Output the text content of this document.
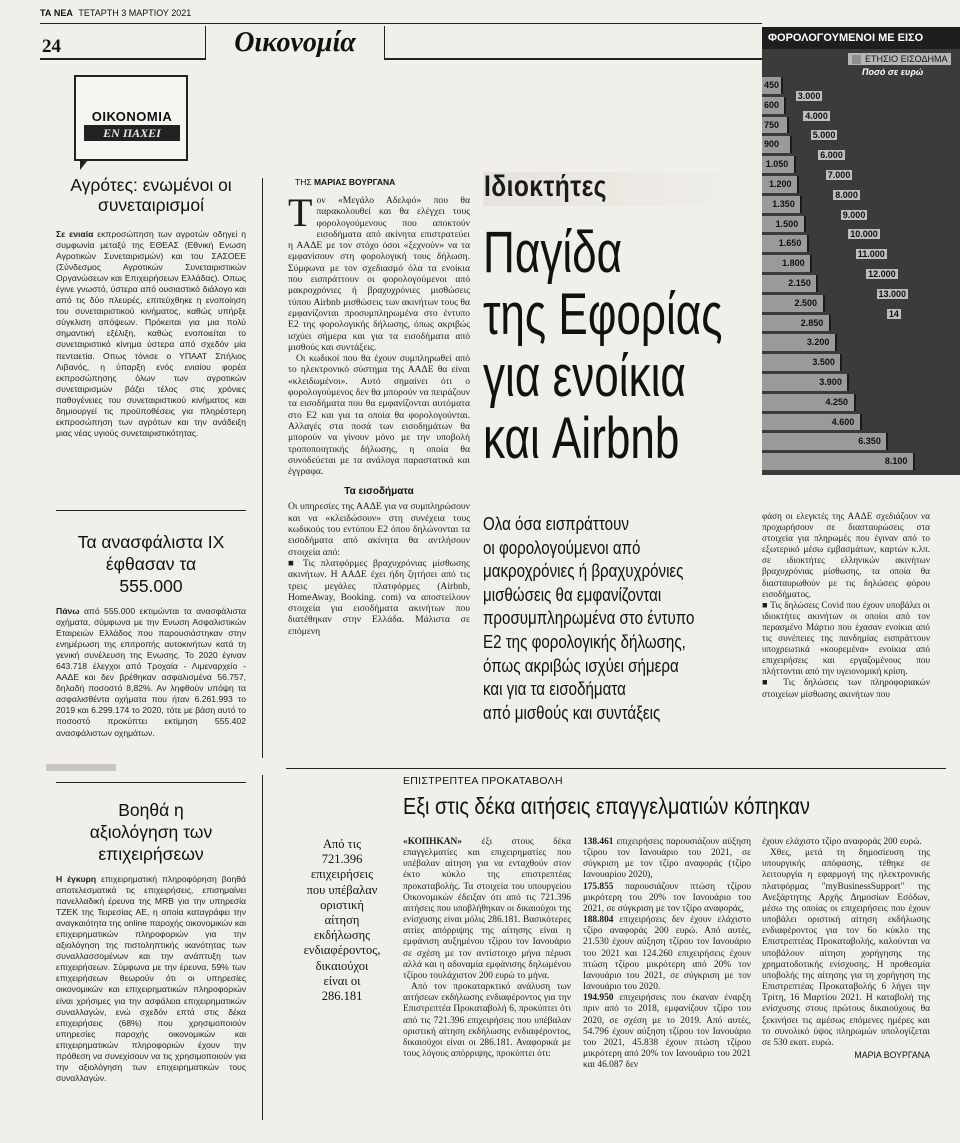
ΤΑ ΝΕΑ ΤΕΤΑΡΤΗ 3 ΜΑΡΤΙΟΥ 2021
24	Οικονομία
ΟΙΚΟΝΟΜΙΑ
ΕΝ ΠΑΧΕΙ
Αγρότες: ενωμένοι οι συνεταιρισμοί
Σε ενιαία εκπροσώπηση των αγροτών οδηγεί η συμφωνία μεταξύ της ΕΘΕΑΣ (Εθνική Ενωση Αγροτικών Συνεταιρισμών) και του ΣΑΣΟΕΕ (Σύνδεσμος Αγροτικών Συνεταιριστικών Οργανώσεων και Επιχειρήσεων Ελλάδας). Οπως έγινε γνωστό, ύστερα από ουσιαστικό διάλογο και από τις δύο πλευρές, επιτεύχθηκε η ενοποίηση του συνεταιριστικού κινήματος, καθώς υπήρξε σύγκλιση απόψεων. Πρόκειται για μια πολύ σημαντική εξέλιξη, καθώς ενοποιείται το συνεταιριστικό κίνημα ύστερα από σχεδόν μία πενταετία. Οπως τόνισε ο ΥΠΑΑΤ Σπήλιος Λιβανός, η ύπαρξη ενός ενιαίου φορέα εκπροσώπησης όλων των αγροτικών συνεταιρισμών βάζει τέλος στις χρόνιες παθογένειες του συνεταιριστικού κινήματος και δημιουργεί τις προϋποθέσεις για πληρέστερη εκπροσώπηση των αγρότων και την ανάδειξη μιας νέας υγιούς συνεταιριστικότητας.
Τα ανασφάλιστα ΙΧ έφθασαν τα 555.000
Πάνω από 555.000 εκτιμώνται τα ανασφάλιστα οχήματα, σύμφωνα με την Ενωση Ασφαλιστικών Εταιρειών Ελλάδος που παρουσιάστηκαν στην ενημέρωση της επιτροπής αυτοκινήτων κατά τη γενική συνέλευση της Ενωσης. Το 2020 έγιναν 643.718 έλεγχοι από Τροχαία - Λιμεναρχείο - ΑΑΔΕ και δεν βρέθηκαν ασφαλισμένα 56.757, δηλαδή ποσοστό 8,82%. Αν ληφθούν υπόψη τα ασφαλισθέντα οχήματα που ήταν 6.261.993 το 2019 και 6.299.174 το 2020, τότε με βάση αυτό το ποσοστό προκύπτει εκτίμηση 555.402 ανασφάλιστων οχημάτων.
Βοηθά η αξιολόγηση των επιχειρήσεων
Η έγκυρη επιχειρηματική πληροφόρηση βοηθά αποτελεσματικά τις επιχειρήσεις, επισημαίνει πανελλαδική έρευνα της MRB για την υπηρεσία ΤΖΕΚ της Τειρεσίας ΑΕ, η οποία καταγράφει την αναγκαιότητα της online παροχής οικονομικών και επιχειρηματικών πληροφοριών για την αξιολόγηση της πιστοληπτικής ικανότητας των συναλλασσομένων και την ανάπτυξη των επιχειρήσεων. Σύμφωνα με την έρευνα, 59% των επιχειρήσεων θεωρούν ότι οι υπηρεσίες οικονομικών και επιχειρηματικών πληροφοριών είναι χρήσιμες για την ασφάλεια επιχειρηματικών συναλλαγών, ενώ σχεδόν επτά στις δέκα επιχειρήσεις (68%) που χρησιμοποιούν υπηρεσίες παροχής οικονομικών και επιχειρηματικών πληροφοριών έχουν την πρόθεση να συνεχίσουν να τις χρησιμοποιούν για την αξιολόγηση των επιχειρηματικών τους συναλλαγών.
ΤΗΣ ΜΑΡΙΑΣ ΒΟΥΡΓΑΝΑ
Τον «Μεγάλο Αδελφό» που θα παρακολουθεί και θα ελέγχει τους φορολογούμενους που αποκτούν εισοδήματα από ακίνητα επιστρατεύει η ΑΑΔΕ με τον στόχο όσοι «ξεχνούν» να τα εμφανίσουν στη φορολογική τους δήλωση. Σύμφωνα με τον σχεδιασμό όλα τα ενοίκια που εισπράττουν οι φορολογούμενοι από μακροχρόνιες ή βραχυχρόνιες μισθώσεις τύπου Airbnb μισθώσεις των ακινήτων τους θα εμφανίζονται προσυμπληρωμένα στο έντυπο Ε2 της φορολογικής δήλωσης, όπως ακριβώς ισχύει σήμερα και για τα εισοδήματα από μισθούς και συντάξεις.
Οι κωδικοί που θα έχουν συμπληρωθεί από το ηλεκτρονικό σύστημα της ΑΑΔΕ θα είναι «κλειδωμένοι». Αυτό σημαίνει ότι ο φορολογούμενος δεν θα μπορούν να πειράζουν τα εισοδήματα που θα εμφανίζονται αυτόματα στο Ε2 και για τα οποία θα φορολογούνται. Αλλαγές στα ποσά των εισοδημάτων θα μπορούν να γίνουν μόνο με την υποβολή τροποποιητικής δήλωσης, η οποία θα συνοδεύεται με τα ανάλογα παραστατικά και έγγραφα.
Τα εισοδήματα
Οι υπηρεσίες της ΑΑΔΕ για να συμπληρώσουν και να «κλειδώσουν» στη συνέχεια τους κωδικούς του εντύπου Ε2 όπου δηλώνονται τα εισοδήματα από ακίνητα θα αντλήσουν στοιχεία από:
■ Τις πλατφόρμες βραχυχρόνιας μίσθωσης ακινήτων. Η ΑΑΔΕ έχει ήδη ζητήσει από τις τρεις μεγάλες πλατφόρμες (Airbnb, HomeAway, Booking. com) να αποστείλουν στοιχεία για εισοδήματα ακινήτων που διατέθηκαν στην Ελλάδα. Μάλιστα σε επόμενη
Ιδιοκτήτες
Παγίδα
της Εφορίας
για ενοίκια
και Airbnb
Ολα όσα εισπράττουν
οι φορολογούμενοι από
μακροχρόνιες ή βραχυχρόνιες
μισθώσεις θα εμφανίζονται
προσυμπληρωμένα στο έντυπο
Ε2 της φορολογικής δήλωσης,
όπως ακριβώς ισχύει σήμερα
και για τα εισοδήματα
από μισθούς και συντάξεις
φάση οι ελεγκτές της ΑΑΔΕ σχεδιάζουν να προχωρήσουν σε διασταυρώσεις στα στοιχεία για πληρωμές που έγιναν από το εξωτερικό μέσω εμβασμάτων, καρτών κ.λπ. σε ιδιοκτήτες ελληνικών ακινήτων βραχυχρόνιας μίσθωσης, τα οποία θα διασταυρωθούν με τις δηλώσεις φόρου εισοδήματος.
■ Τις δηλώσεις Covid που έχουν υποβάλει οι ιδιοκτήτες ακινήτων οι οποίοι από τον περασμένο Μάρτιο που έχασαν ενοίκια από τις συνέπειες της πανδημίας εισπράττουν υποχρεωτικά «κουρεμένα» ενοίκια από επιχειρήσεις και εργαζομένους που πλήττονται από την υγειονομική κρίση.
■ Τις δηλώσεις των πληροφοριακών στοιχείων μίσθωσης ακινήτων που
ΦΟΡΟΛΟΓΟΥΜΕΝΟΙ ΜΕ ΕΙΣΟ
ΕΤΗΣΙΟ ΕΙΣΟΔΗΜΑ
Ποσό σε ευρώ
450
600
3.000
750
4.000
900
5.000
1.050
6.000
1.200
7.000
1.350
8.000
1.500
9.000
1.650
10.000
1.800
11.000
2.150
12.000
2.500
13.000
2.850
14
3.200
3.500
3.900
4.250
4.600
6.350
8.100
ΕΠΙΣΤΡΕΠΤΕΑ ΠΡΟΚΑΤΑΒΟΛΗ
Εξι στις δέκα αιτήσεις επαγγελματιών κόπηκαν
Από τις
721.396
επιχειρήσεις
που υπέβαλαν
οριστική
αίτηση
εκδήλωσης
ενδιαφέροντος,
δικαιούχοι
είναι οι
286.181
«ΚΟΠΗΚΑΝ» έξι στους δέκα επαγγελματίες και επιχειρηματίες που υπέβαλαν αίτηση για να ενταχθούν στον έκτο κύκλο της επιστρεπτέας προκαταβολής. Τα στοιχεία του υπουργείου Οικονομικών έδειξαν ότι από τις 721.396 αιτήσεις που υποβλήθηκαν οι δικαιούχοι της ενίσχυσης είναι μόλις 286.181. Βασικότερες αιτίες απόρριψης της αίτησης είναι η εμφάνιση αυξημένου τζίρου τον Ιανουάριο σε σχέση με τον αντίστοιχο μήνα πέρυσι αλλά και η αδυναμία εμφάνισης δηλωμένου τζίρου τουλάχιστον 200 ευρώ το μήνα.
Από τον προκαταρκτικό ανάλυση των αιτήσεων εκδήλωσης ενδιαφέροντος για την Επιστρεπτέα Προκαταβολή 6, προκύπτει ότι από τις 721.396 επιχειρήσεις που υπέβαλαν οριστική αίτηση εκδήλωσης ενδιαφέροντος, δικαιούχοι είναι οι 286.181. Αναφορικά με τους λόγους απόρριψης, προκύπτει ότι:
138.461 επιχειρήσεις παρουσιάζουν αύξηση τζίρου τον Ιανουάριο του 2021, σε σύγκριση με τον τζίρο αναφοράς (τζίρο Ιανουαρίου 2020),
175.855 παρουσιάζουν πτώση τζίρου μικρότερη του 20% τον Ιανουάριο του 2021, σε σύγκριση με τον τζίρο αναφοράς,
188.804 επιχειρήσεις δεν έχουν ελάχιστο τζίρο αναφοράς 200 ευρώ. Από αυτές, 21.530 έχουν αύξηση τζίρου τον Ιανουάριο του 2021 και 124.260 επιχειρήσεις έχουν πτώση τζίρου μικρότερη από 20% τον Ιανουάριο του 2021, σε σύγκριση με τον Ιανουάριο του 2020.
194.950 επιχειρήσεις που έκαναν έναρξη πριν από το 2018, εμφανίζουν τζίρο του 2020, σε σχέση με το 2019. Από αυτές, 54.796 έχουν αύξηση τζίρου τον Ιανουάριο του 2021, 45.838 έχουν πτώση τζίρου μικρότερη από 20% τον Ιανουάριο του 2021 και 46.087 δεν
έχουν ελάχιστο τζίρο αναφοράς 200 ευρώ.
Χθες, μετά τη δημοσίευση της υπουργικής απόφασης, τέθηκε σε λειτουργία η εφαρμογή της ηλεκτρονικής πλατφόρμας "myBusinessSupport" της Ανεξάρτητης Αρχής Δημοσίων Εσόδων, μέσω της οποίας οι επιχειρήσεις που έχουν υποβάλει οριστική αίτηση εκδήλωσης ενδιαφέροντος για τον 6ο κύκλο της Επιστρεπτέας Προκαταβολής, καλούνται να υποβάλουν αίτηση χορήγησης της χρηματοδοτικής ενίσχυσης. Η προθεσμία υποβολής της αίτησης για τη χορήγηση της Επιστρεπτέας Προκαταβολής 6 λήγει την Τρίτη, 16 Μαρτίου 2021. Η καταβολή της ενίσχυσης στους πρώτους δικαιούχους θα ξεκινήσει τις αμέσως επόμενες ημέρες και το συνολικό ύψος πληρωμών υπολογίζεται σε 530 εκατ. ευρώ.
ΜΑΡΙΑ ΒΟΥΡΓΑΝΑ
